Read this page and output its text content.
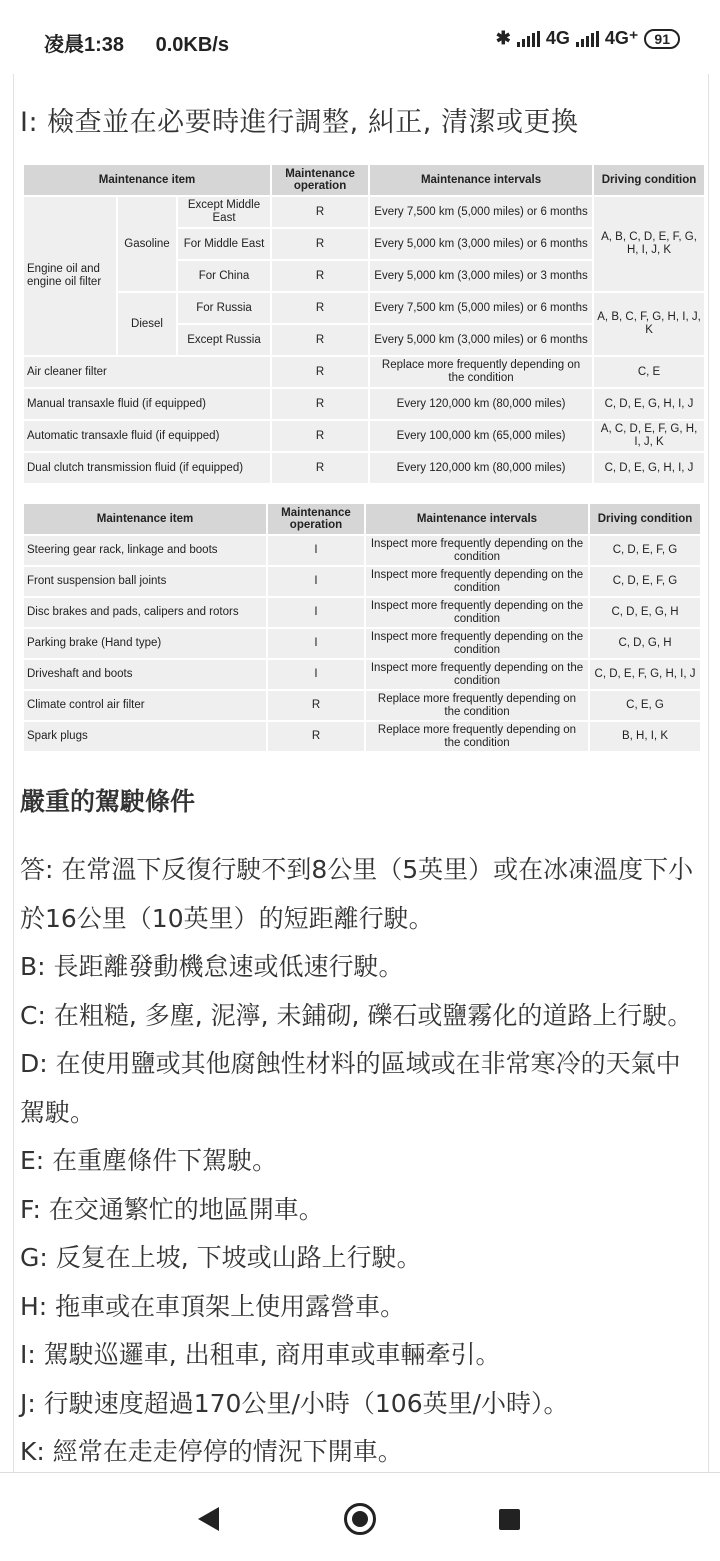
凌晨1:38 0.0KB/s	✱ 4G 4G⁺	91
I: 檢查並在必要時進行調整, 糾正, 清潔或更換
Maintenance item			Maintenance operation	Maintenance intervals	Driving condition
Engine oil and engine oil filter	Gasoline	Except Middle East	R	Every 7,500 km (5,000 miles) or 6 months	A, B, C, D, E, F, G, H, I, J, K
		For Middle East	R	Every 5,000 km (3,000 miles) or 6 months	
		For China	R	Every 5,000 km (3,000 miles) or 3 months	
	Diesel	For Russia	R	Every 7,500 km (5,000 miles) or 6 months	A, B, C, F, G, H, I, J, K
		Except Russia	R	Every 5,000 km (3,000 miles) or 6 months	
Air cleaner filter			R	Replace more frequently depending on the condition	C, E
Manual transaxle fluid (if equipped)			R	Every 120,000 km (80,000 miles)	C, D, E, G, H, I, J
Automatic transaxle fluid (if equipped)			R	Every 100,000 km (65,000 miles)	A, C, D, E, F, G, H, I, J, K
Dual clutch transmission fluid (if equipped)			R	Every 120,000 km (80,000 miles)	C, D, E, G, H, I, J
Maintenance item	Maintenance operation	Maintenance intervals	Driving condition
Steering gear rack, linkage and boots	I	Inspect more frequently depending on the condition	C, D, E, F, G
Front suspension ball joints	I	Inspect more frequently depending on the condition	C, D, E, F, G
Disc brakes and pads, calipers and rotors	I	Inspect more frequently depending on the condition	C, D, E, G, H
Parking brake (Hand type)	I	Inspect more frequently depending on the condition	C, D, G, H
Driveshaft and boots	I	Inspect more frequently depending on the condition	C, D, E, F, G, H, I, J
Climate control air filter	R	Replace more frequently depending on the condition	C, E, G
Spark plugs	R	Replace more frequently depending on the condition	B, H, I, K
嚴重的駕駛條件
答: 在常溫下反復行駛不到8公里（5英里）或在冰凍溫度下小於16公里（10英里）的短距離行駛。
B: 長距離發動機怠速或低速行駛。
C: 在粗糙, 多塵, 泥濘, 未鋪砌, 礫石或鹽霧化的道路上行駛。
D: 在使用鹽或其他腐蝕性材料的區域或在非常寒冷的天氣中駕駛。
E: 在重塵條件下駕駛。
F: 在交通繁忙的地區開車。
G: 反复在上坡, 下坡或山路上行駛。
H: 拖車或在車頂架上使用露營車。
I: 駕駛巡邏車, 出租車, 商用車或車輛牽引。
J: 行駛速度超過170公里/小時（106英里/小時）。
K: 經常在走走停停的情況下開車。
